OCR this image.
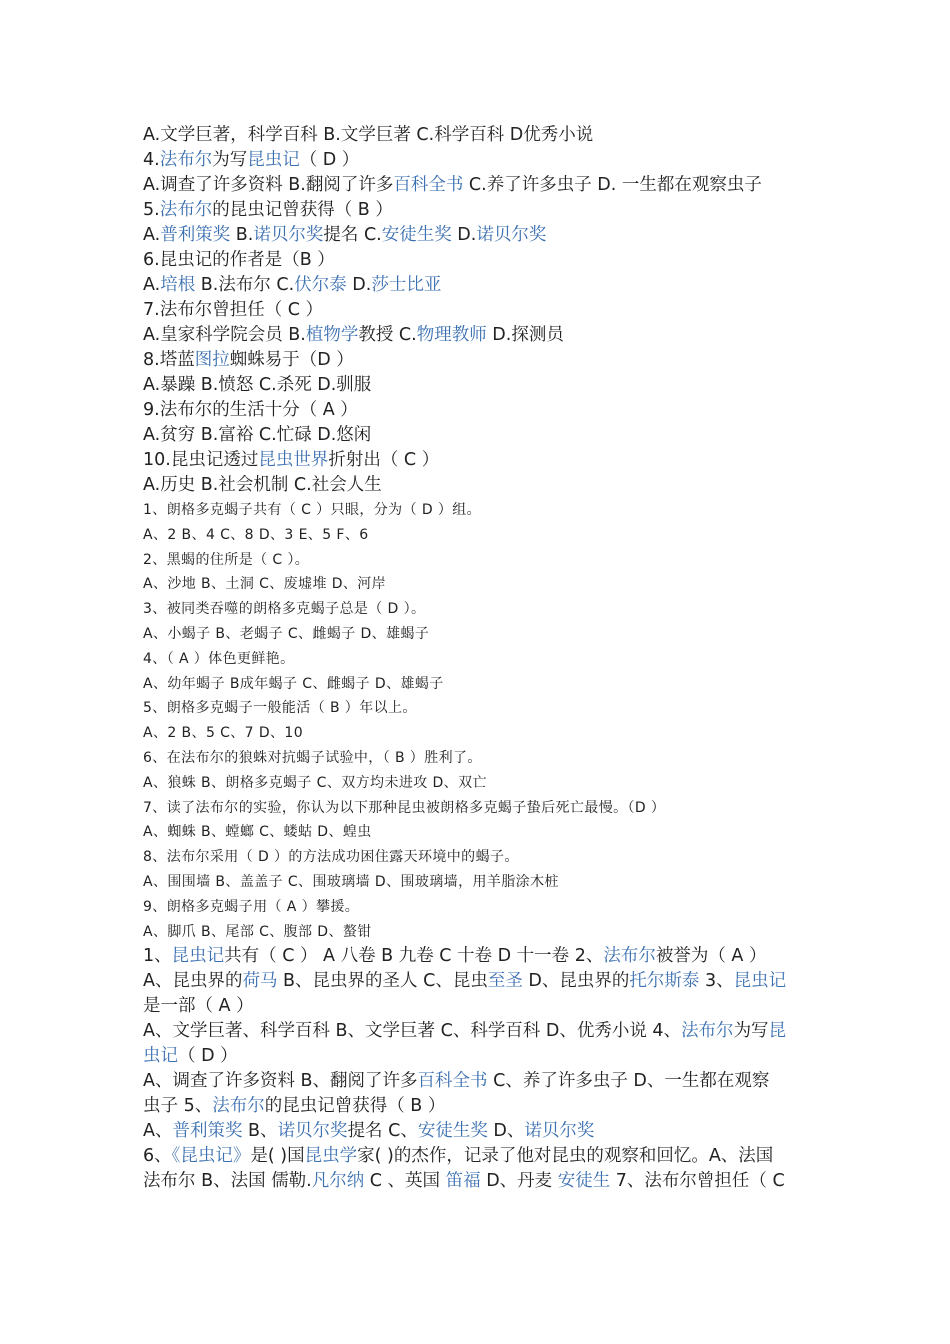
A.文学巨著，科学百科 B.文学巨著 C.科学百科 D优秀小说
4.法布尔为写昆虫记（ D ）
A.调查了许多资料 B.翻阅了许多百科全书 C.养了许多虫子 D. 一生都在观察虫子
5.法布尔的昆虫记曾获得（ B ）
A.普利策奖 B.诺贝尔奖提名 C.安徒生奖 D.诺贝尔奖
6.昆虫记的作者是（B ）
A.培根 B.法布尔 C.伏尔泰 D.莎士比亚
7.法布尔曾担任（ C ）
A.皇家科学院会员 B.植物学教授 C.物理教师 D.探测员
8.塔蓝图拉蜘蛛易于（D ）
A.暴躁 B.愤怒 C.杀死 D.驯服
9.法布尔的生活十分（ A ）
A.贫穷 B.富裕 C.忙碌 D.悠闲
10.昆虫记透过昆虫世界折射出（ C ）
A.历史 B.社会机制 C.社会人生
1、朗格多克蝎子共有（ C ）只眼，分为（ D ）组。
A、2 B、4 C、8 D、3 E、5 F、6
2、黑蝎的住所是（ C ）。
A、沙地 B、土洞 C、废墟堆 D、河岸
3、被同类吞噬的朗格多克蝎子总是（ D ）。
A、小蝎子 B、老蝎子 C、雌蝎子 D、雄蝎子
4、（ A ）体色更鲜艳。
A、幼年蝎子 B成年蝎子 C、雌蝎子 D、雄蝎子
5、朗格多克蝎子一般能活（ B ）年以上。
A、2 B、5 C、7 D、10
6、在法布尔的狼蛛对抗蝎子试验中，（ B ）胜利了。
A、狼蛛 B、朗格多克蝎子 C、双方均未进攻 D、双亡
7、读了法布尔的实验，你认为以下那种昆虫被朗格多克蝎子蛰后死亡最慢。（D ）
A、蜘蛛 B、螳螂 C、蝼蛄 D、蝗虫
8、法布尔采用（ D ）的方法成功困住露天环境中的蝎子。
A、围围墙 B、盖盖子 C、围玻璃墙 D、围玻璃墙，用羊脂涂木桩
9、朗格多克蝎子用（ A ）攀援。
A、脚爪 B、尾部 C、腹部 D、螯钳
1、昆虫记共有（ C ） A 八卷 B 九卷 C 十卷 D 十一卷 2、法布尔被誉为（ A ）
A、昆虫界的荷马 B、昆虫界的圣人 C、昆虫至圣 D、昆虫界的托尔斯泰 3、昆虫记
是一部（ A ）
A、文学巨著、科学百科 B、文学巨著 C、科学百科 D、优秀小说 4、法布尔为写昆
虫记（ D ）
A、调查了许多资料 B、翻阅了许多百科全书 C、养了许多虫子 D、一生都在观察
虫子 5、法布尔的昆虫记曾获得（ B ）
A、普利策奖 B、诺贝尔奖提名 C、安徒生奖 D、诺贝尔奖
6、《昆虫记》是( )国昆虫学家( )的杰作，记录了他对昆虫的观察和回忆。A、法国
法布尔 B、法国 儒勒.凡尔纳 C 、英国 笛福 D、丹麦 安徒生 7、法布尔曾担任（ C
